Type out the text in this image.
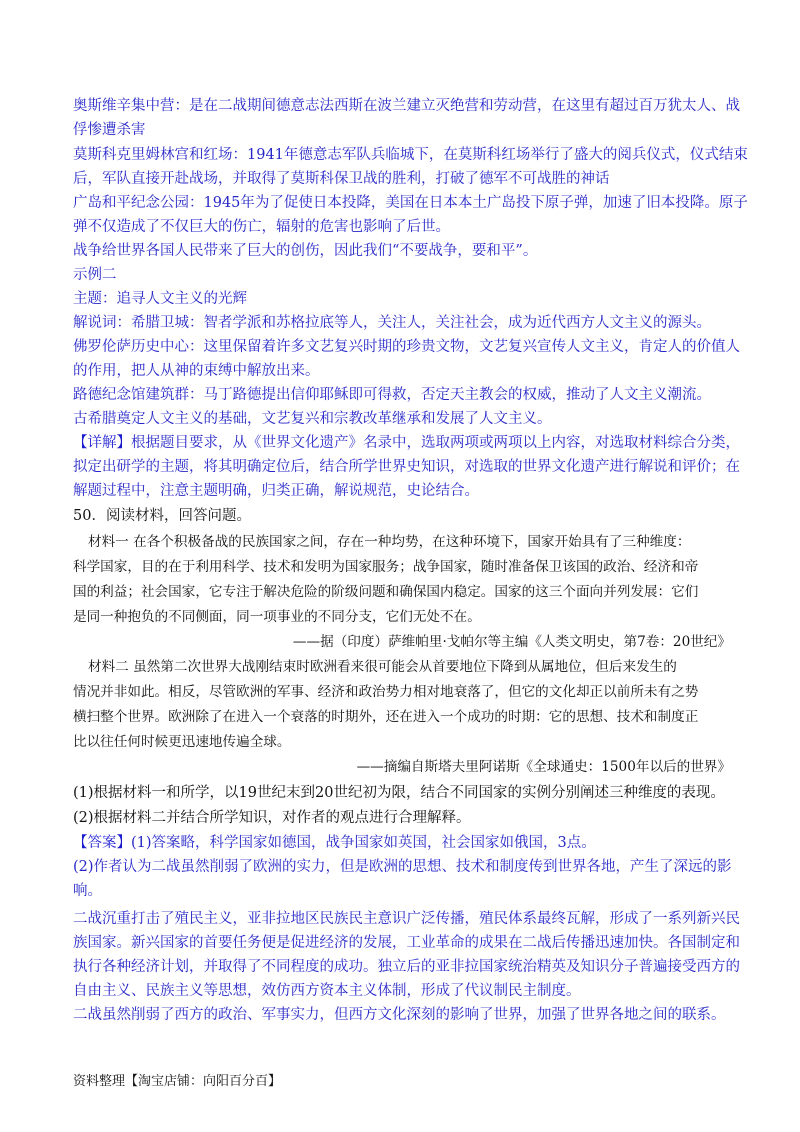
奥斯维辛集中营：是在二战期间德意志法西斯在波兰建立灭绝营和劳动营，在这里有超过百万犹太人、战
俘惨遭杀害
莫斯科克里姆林宫和红场：1941年德意志军队兵临城下，在莫斯科红场举行了盛大的阅兵仪式，仪式结束
后，军队直接开赴战场，并取得了莫斯科保卫战的胜利，打破了德军不可战胜的神话
广岛和平纪念公园：1945年为了促使日本投降，美国在日本本土广岛投下原子弹，加速了旧本投降。原子
弹不仅造成了不仅巨大的伤亡，辐射的危害也影响了后世。
战争给世界各国人民带来了巨大的创伤，因此我们“不要战争，要和平”。
示例二
主题：追寻人文主义的光辉
解说词：希腊卫城：智者学派和苏格拉底等人，关注人，关注社会，成为近代西方人文主义的源头。
佛罗伦萨历史中心：这里保留着许多文艺复兴时期的珍贵文物，文艺复兴宣传人文主义，肯定人的价值人
的作用，把人从神的束缚中解放出来。
路德纪念馆建筑群：马丁路德提出信仰耶稣即可得救，否定天主教会的权威，推动了人文主义潮流。
古希腊奠定人文主义的基础，文艺复兴和宗教改革继承和发展了人文主义。
【详解】根据题目要求，从《世界文化遗产》名录中，选取两项或两项以上内容，对选取材料综合分类，
拟定出研学的主题，将其明确定位后，结合所学世界史知识，对选取的世界文化遗产进行解说和评价；在
解题过程中，注意主题明确，归类正确，解说规范，史论结合。
50．阅读材料，回答问题。
材料一 在各个积极备战的民族国家之间，存在一种均势，在这种环境下，国家开始具有了三种维度：
科学国家，目的在于利用科学、技术和发明为国家服务；战争国家，随时准备保卫该国的政治、经济和帝
国的利益；社会国家，它专注于解决危险的阶级问题和确保国内稳定。国家的这三个面向并列发展：它们
是同一种抱负的不同侧面，同一项事业的不同分支，它们无处不在。
——据（印度）萨维帕里·戈帕尔等主编《人类文明史，第7卷：20世纪》
材料二 虽然第二次世界大战刚结束时欧洲看来很可能会从首要地位下降到从属地位，但后来发生的
情况并非如此。相反，尽管欧洲的军事、经济和政治势力相对地衰落了，但它的文化却正以前所未有之势
横扫整个世界。欧洲除了在进入一个衰落的时期外，还在进入一个成功的时期：它的思想、技术和制度正
比以往任何时候更迅速地传遍全球。
——摘编自斯塔夫里阿诺斯《全球通史：1500年以后的世界》
(1)根据材料一和所学，以19世纪末到20世纪初为限，结合不同国家的实例分别阐述三种维度的表现。
(2)根据材料二并结合所学知识，对作者的观点进行合理解释。
【答案】(1)答案略，科学国家如德国，战争国家如英国，社会国家如俄国，3点。
(2)作者认为二战虽然削弱了欧洲的实力，但是欧洲的思想、技术和制度传到世界各地，产生了深远的影
响。
二战沉重打击了殖民主义，亚非拉地区民族民主意识广泛传播，殖民体系最终瓦解，形成了一系列新兴民
族国家。新兴国家的首要任务便是促进经济的发展，工业革命的成果在二战后传播迅速加快。各国制定和
执行各种经济计划，并取得了不同程度的成功。独立后的亚非拉国家统治精英及知识分子普遍接受西方的
自由主义、民族主义等思想，效仿西方资本主义体制，形成了代议制民主制度。
二战虽然削弱了西方的政治、军事实力，但西方文化深刻的影响了世界，加强了世界各地之间的联系。
资料整理【淘宝店铺：向阳百分百】
